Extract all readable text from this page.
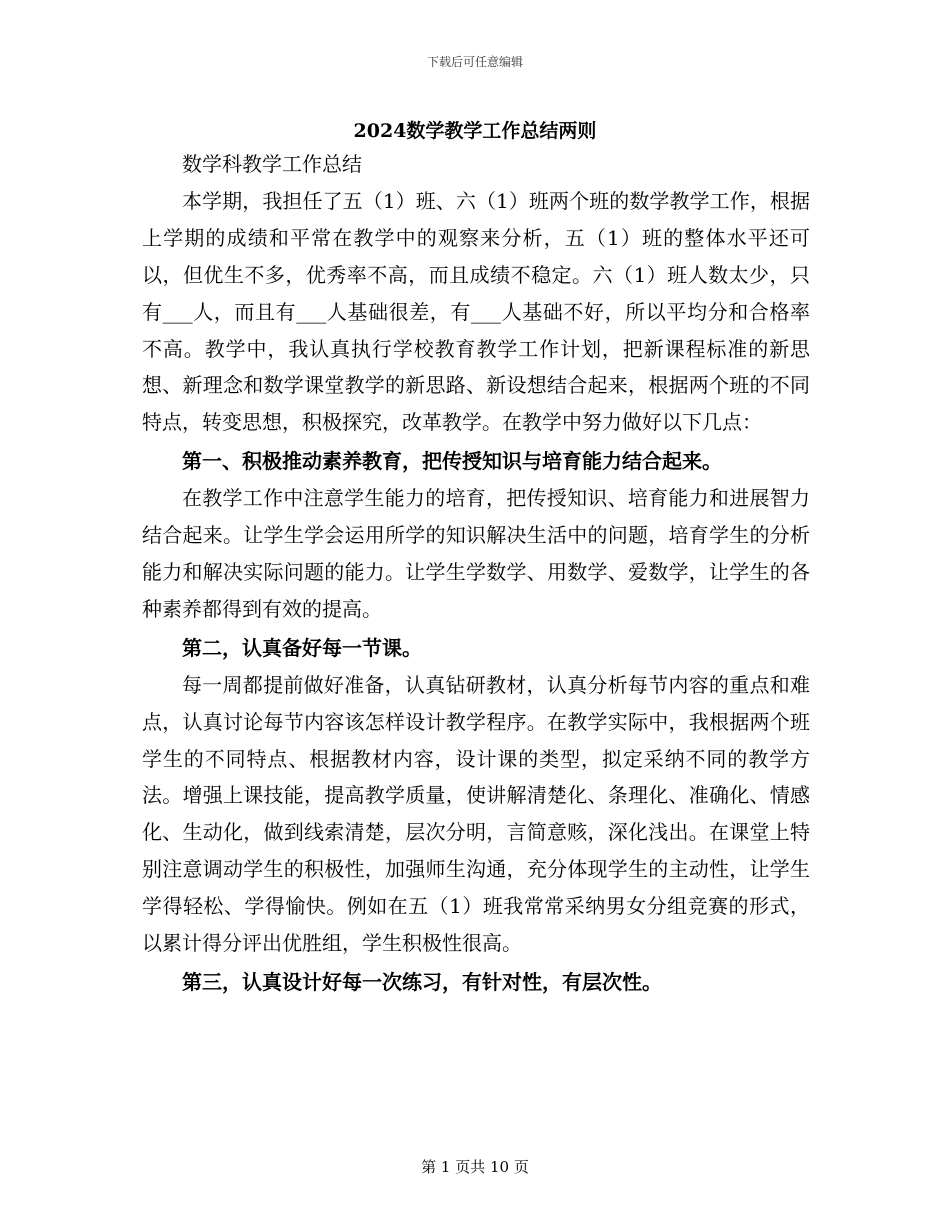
下载后可任意编辑
2024数学教学工作总结两则

数学科教学工作总结

本学期，我担任了五（1）班、六（1）班两个班的数学教学工作，根据上学期的成绩和平常在教学中的观察来分析，五（1）班的整体水平还可以，但优生不多，优秀率不高，而且成绩不稳定。六（1）班人数太少，只有___人，而且有___人基础很差，有___人基础不好，所以平均分和合格率不高。教学中，我认真执行学校教育教学工作计划，把新课程标准的新思想、新理念和数学课堂教学的新思路、新设想结合起来，根据两个班的不同特点，转变思想，积极探究，改革教学。在教学中努力做好以下几点：

第一、积极推动素养教育，把传授知识与培育能力结合起来。

在教学工作中注意学生能力的培育，把传授知识、培育能力和进展智力结合起来。让学生学会运用所学的知识解决生活中的问题，培育学生的分析能力和解决实际问题的能力。让学生学数学、用数学、爱数学，让学生的各种素养都得到有效的提高。

第二，认真备好每一节课。

每一周都提前做好准备，认真钻研教材，认真分析每节内容的重点和难点，认真讨论每节内容该怎样设计教学程序。在教学实际中，我根据两个班学生的不同特点、根据教材内容，设计课的类型，拟定采纳不同的教学方法。增强上课技能，提高教学质量，使讲解清楚化、条理化、准确化、情感化、生动化，做到线索清楚，层次分明，言简意赅，深化浅出。在课堂上特别注意调动学生的积极性，加强师生沟通，充分体现学生的主动性，让学生学得轻松、学得愉快。例如在五（1）班我常常采纳男女分组竞赛的形式，以累计得分评出优胜组，学生积极性很高。

第三，认真设计好每一次练习，有针对性，有层次性。

第 1 页共 10 页
